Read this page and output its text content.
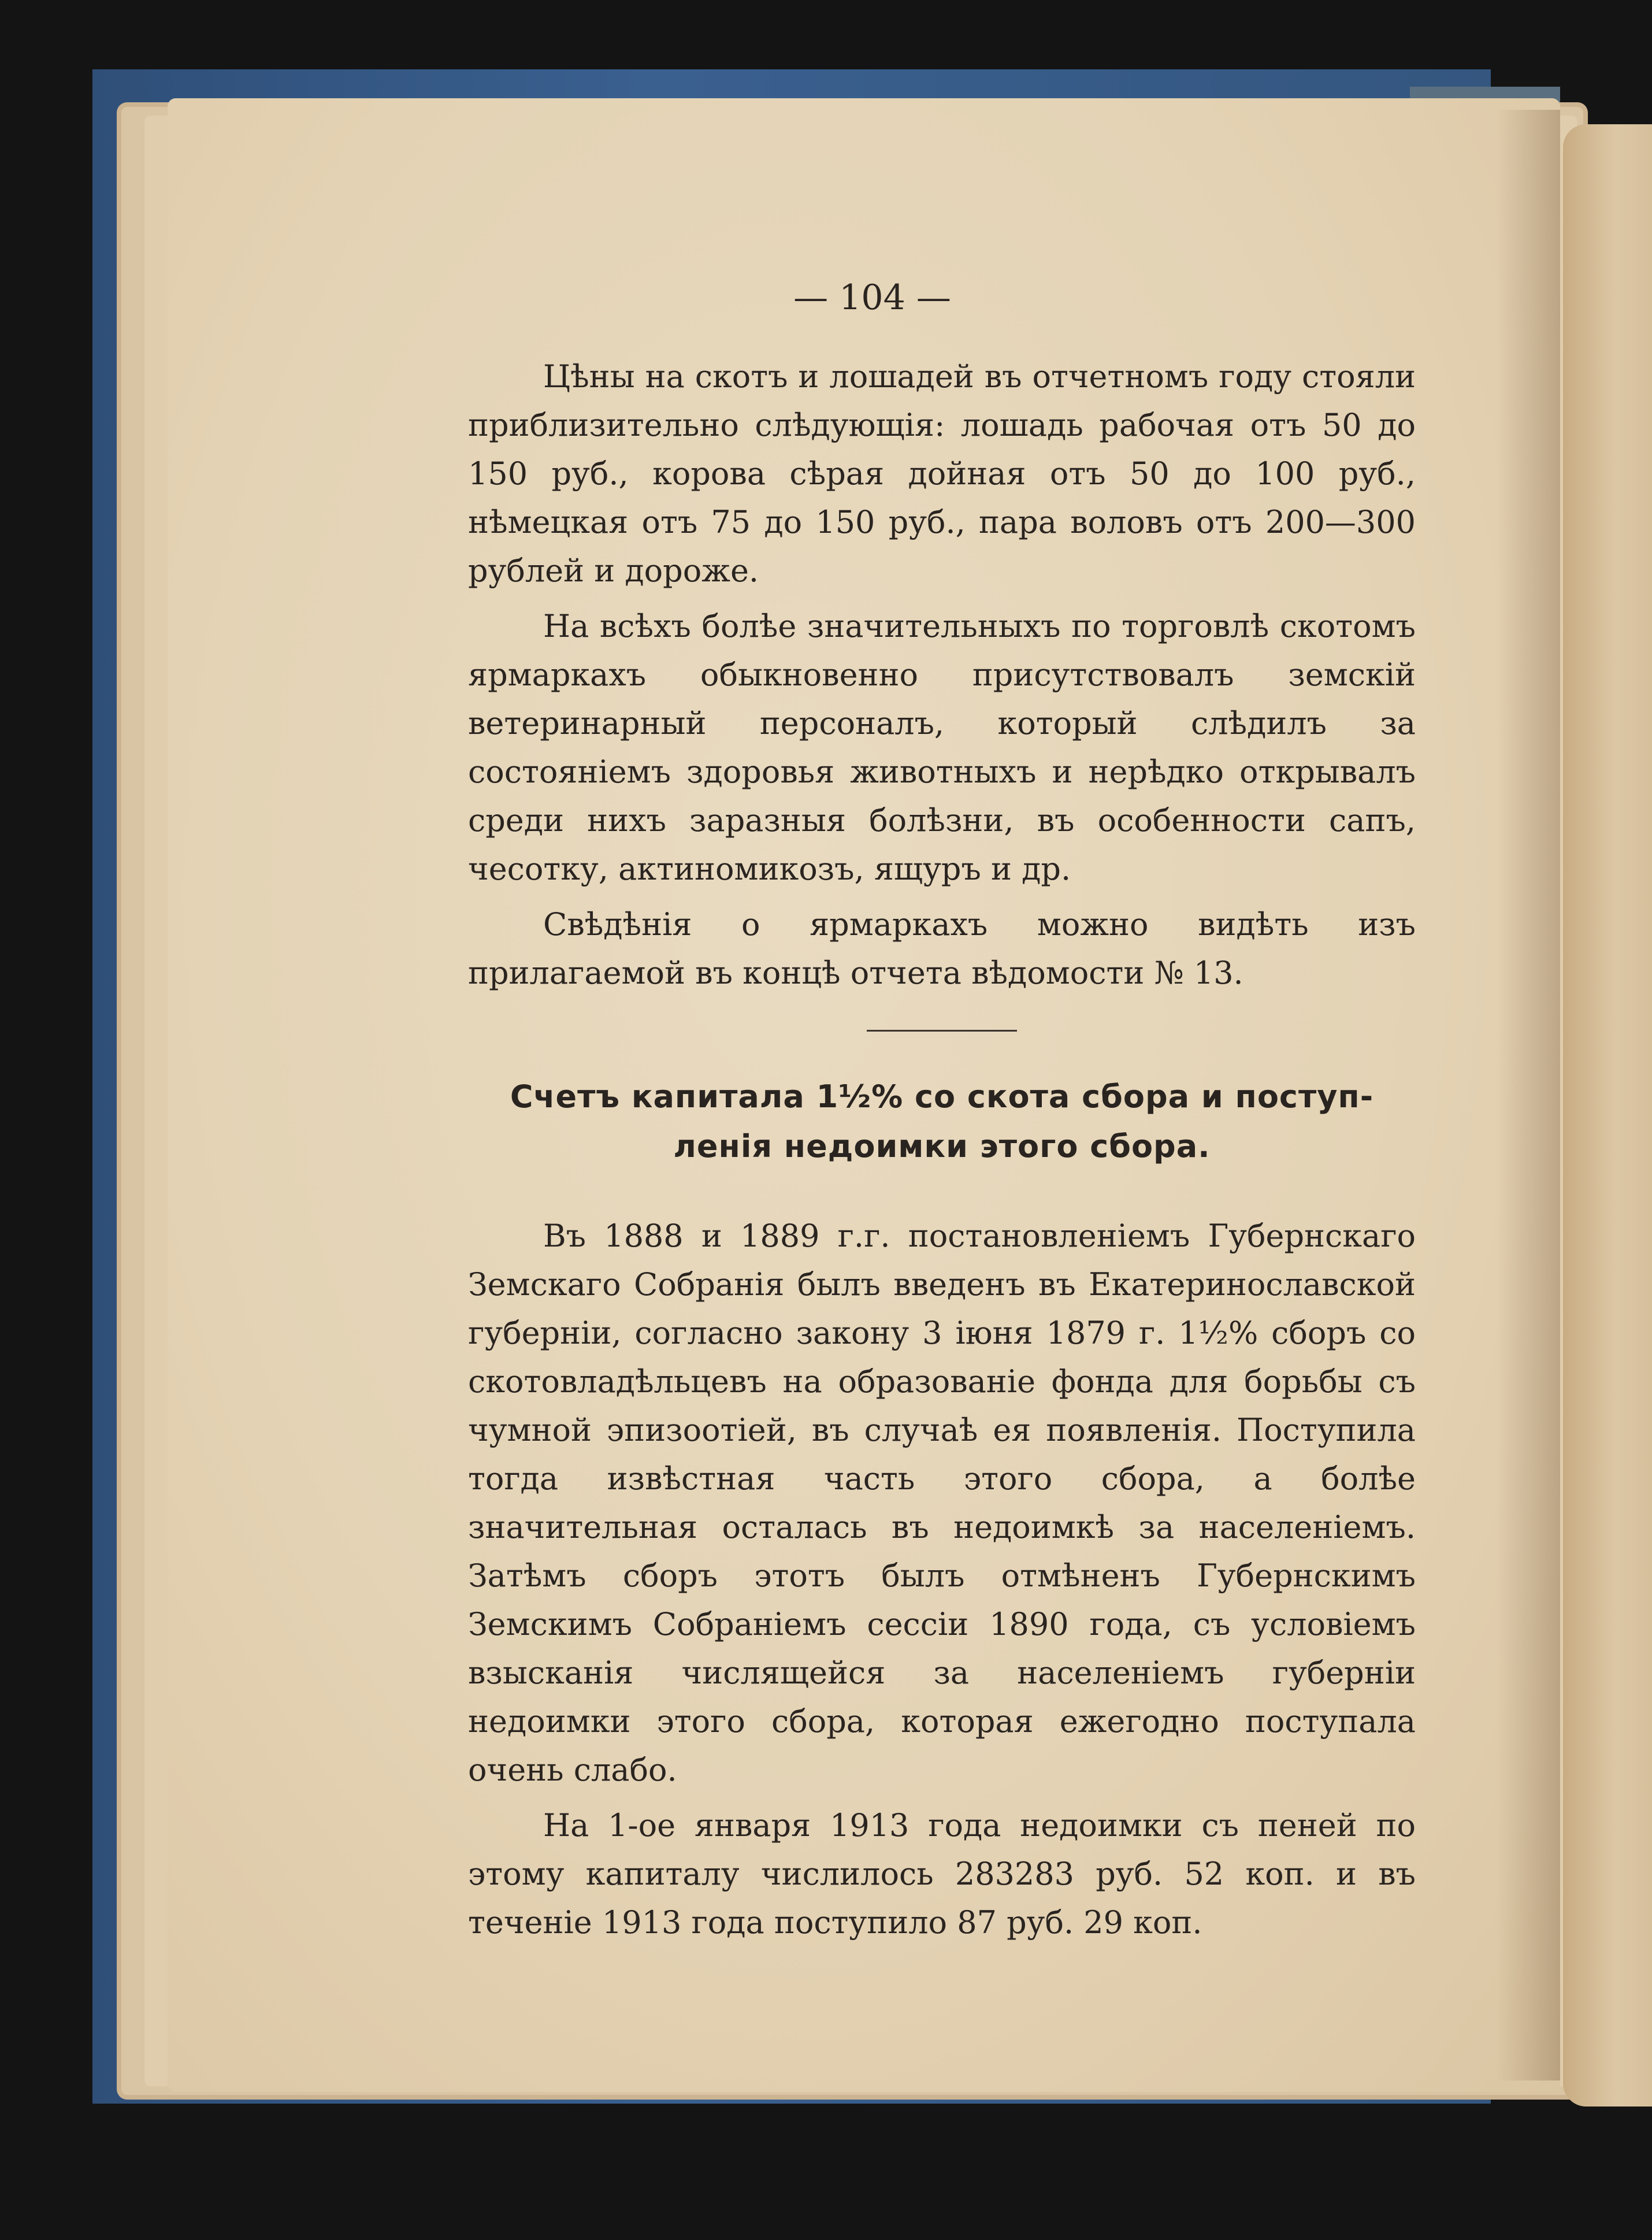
— 104 —

Цѣны на скотъ и лошадей въ отчетномъ году стояли приблизительно слѣдующія: лошадь рабочая отъ 50 до 150 руб., корова сѣрая дойная отъ 50 до 100 руб., нѣмецкая отъ 75 до 150 руб., пара воловъ отъ 200—300 рублей и дороже.

На всѣхъ болѣе значительныхъ по торговлѣ скотомъ ярмаркахъ обыкновенно присутствовалъ земскій ветеринарный персоналъ, который слѣдилъ за состояніемъ здоровья животныхъ и нерѣдко открывалъ среди нихъ заразныя болѣзни, въ особенности сапъ, чесотку, актиномикозъ, ящуръ и др.

Свѣдѣнія о ярмаркахъ можно видѣть изъ прилагаемой въ концѣ отчета вѣдомости № 13.

Счетъ капитала 1½% со скота сбора и поступ-
ленія недоимки этого сбора.

Въ 1888 и 1889 г.г. постановленіемъ Губернскаго Земскаго Собранія былъ введенъ въ Екатеринославской губерніи, согласно закону 3 іюня 1879 г. 1½% сборъ со скотовладѣльцевъ на образованіе фонда для борьбы съ чумной эпизоотіей, въ случаѣ ея появленія. Поступила тогда извѣстная часть этого сбора, а болѣе значительная осталась въ недоимкѣ за населеніемъ. Затѣмъ сборъ этотъ былъ отмѣненъ Губернскимъ Земскимъ Собраніемъ сессіи 1890 года, съ условіемъ взысканія числящейся за населеніемъ губерніи недоимки этого сбора, которая ежегодно поступала очень слабо.

На 1-ое января 1913 года недоимки съ пеней по этому капиталу числилось 283283 руб. 52 коп. и въ теченіе 1913 года поступило 87 руб. 29 коп.
